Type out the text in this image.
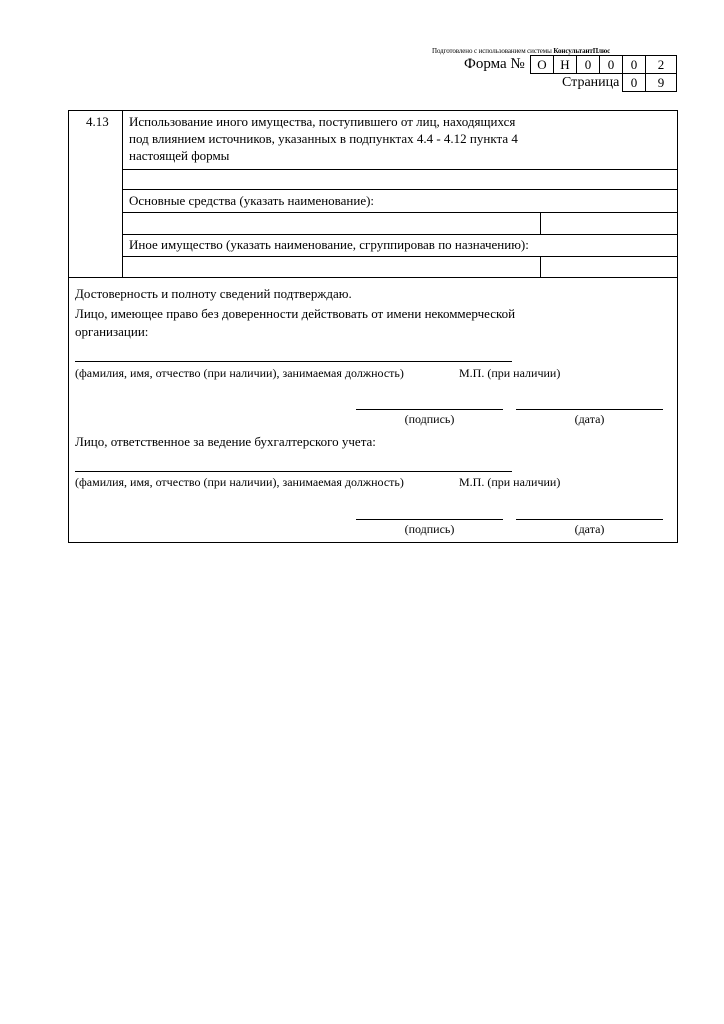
Подготовлено с использованием системы КонсультантПлюс
Форма № О	Н	0	0	0	2
Страница 0	9
4.13 Использование иного имущества, поступившего от лиц, находящихся
под влиянием источников, указанных в подпунктах 4.4 - 4.12 пункта 4
настоящей формы
Основные средства (указать наименование):
Иное имущество (указать наименование, сгруппировав по назначению):
Достоверность и полноту сведений подтверждаю.
Лицо, имеющее право без доверенности действовать от имени некоммерческой
организации:
(фамилия, имя, отчество (при наличии), занимаемая должность)	М.П. (при наличии)
(подпись)	(дата)
Лицо, ответственное за ведение бухгалтерского учета:
(фамилия, имя, отчество (при наличии), занимаемая должность)	М.П. (при наличии)
(подпись)	(дата)
